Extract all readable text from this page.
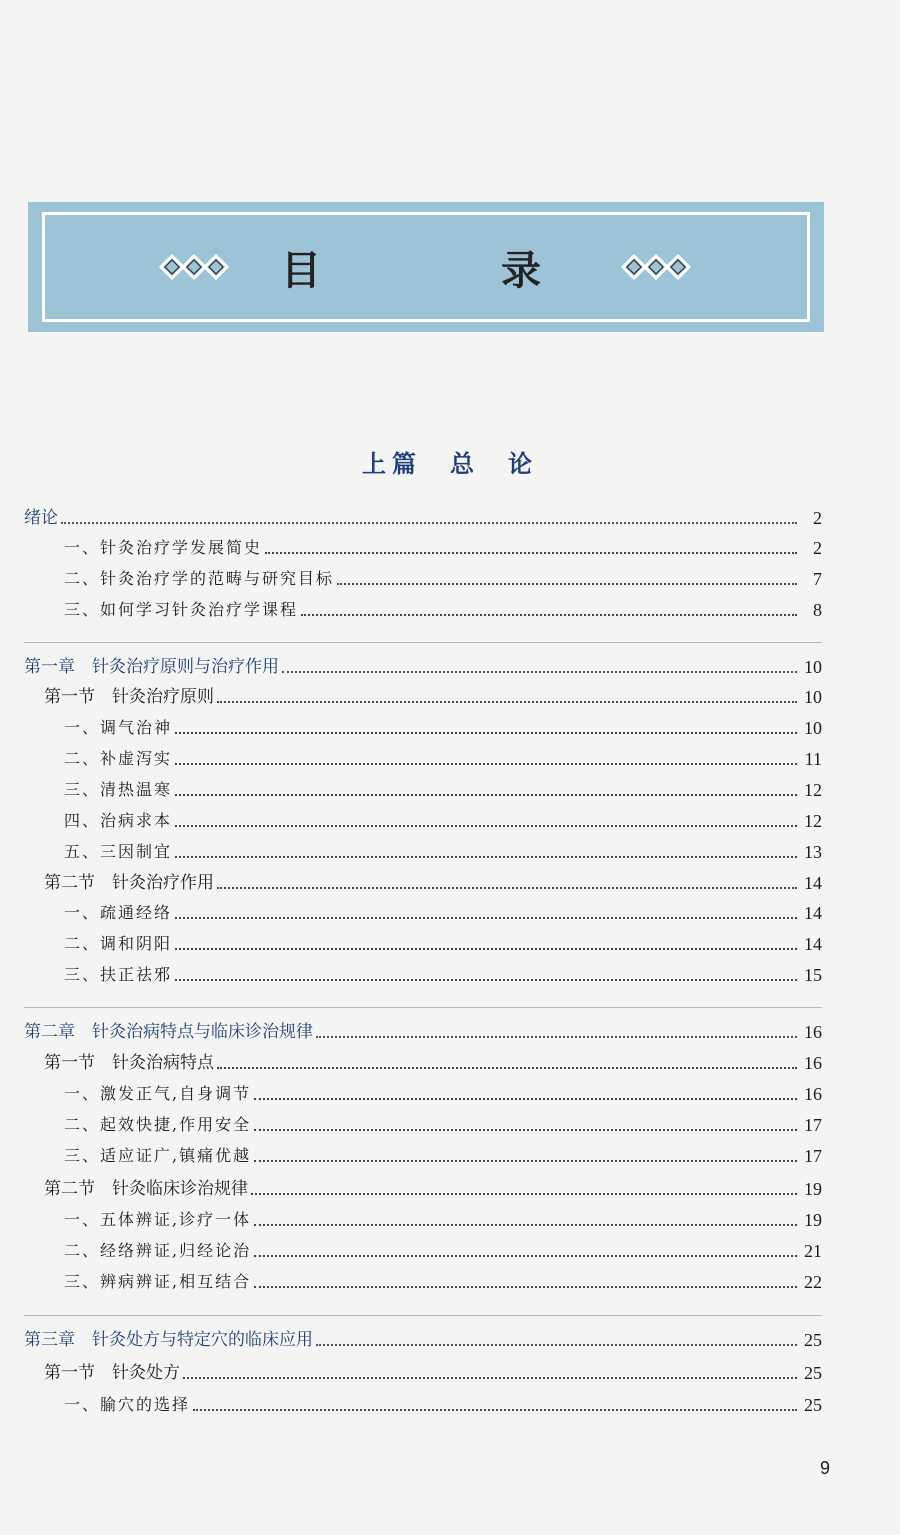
目　录
上篇 总 论
绪论	2
一、针灸治疗学发展简史	2
二、针灸治疗学的范畴与研究目标	7
三、如何学习针灸治疗学课程	8
第一章　针灸治疗原则与治疗作用	10
第一节　针灸治疗原则	10
一、调气治神	10
二、补虚泻实	11
三、清热温寒	12
四、治病求本	12
五、三因制宜	13
第二节　针灸治疗作用	14
一、疏通经络	14
二、调和阴阳	14
三、扶正祛邪	15
第二章　针灸治病特点与临床诊治规律	16
第一节　针灸治病特点	16
一、激发正气,自身调节	16
二、起效快捷,作用安全	17
三、适应证广,镇痛优越	17
第二节　针灸临床诊治规律	19
一、五体辨证,诊疗一体	19
二、经络辨证,归经论治	21
三、辨病辨证,相互结合	22
第三章　针灸处方与特定穴的临床应用	25
第一节　针灸处方	25
一、腧穴的选择	25
9
